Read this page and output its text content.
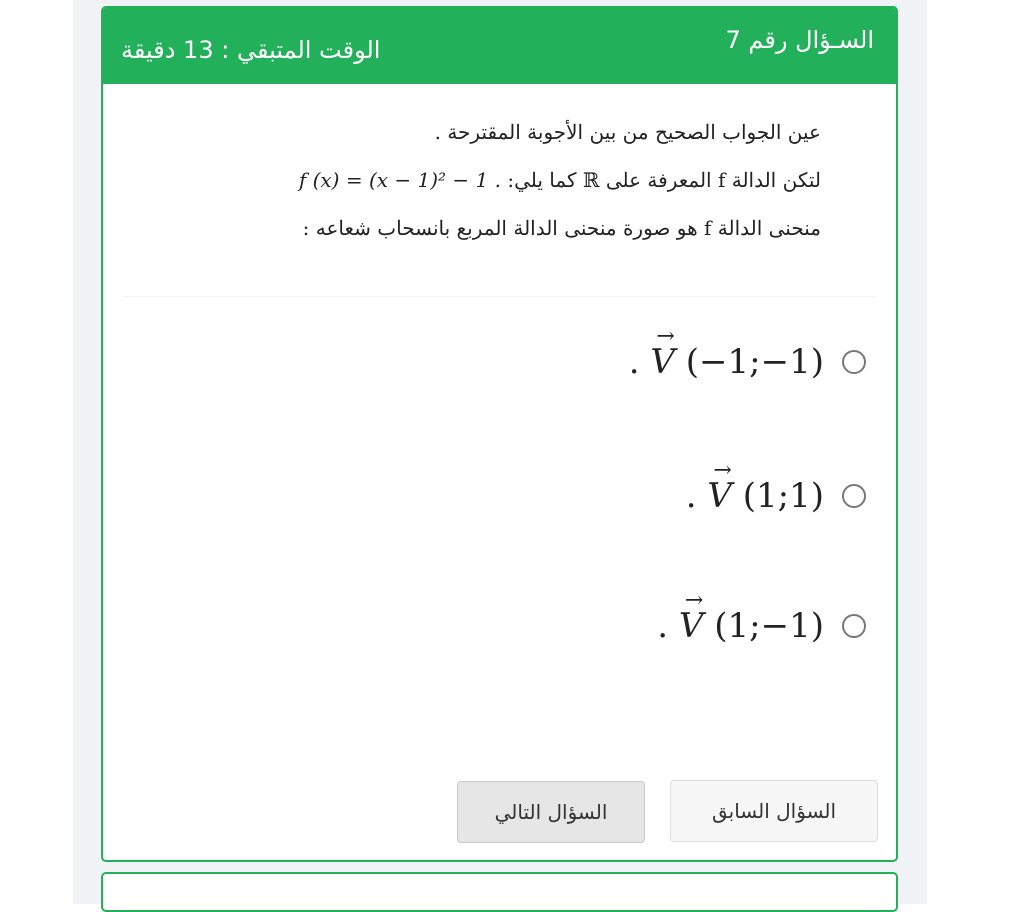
السـؤال رقم 7
الوقت المتبقي : 13 دقيقة
عين الجواب الصحيح من بين الأجوبة المقترحة .
لتكن الدالة f المعرفة على ℝ كما يلي: f (x) = (x − 1)² − 1 .
منحنى الدالة f هو صورة منحنى الدالة المربع بانسحاب شعاعه :
. → V (−1;−1)
. → V (1;1)
. → V (1;−1)
السؤال السابق
السؤال التالي
